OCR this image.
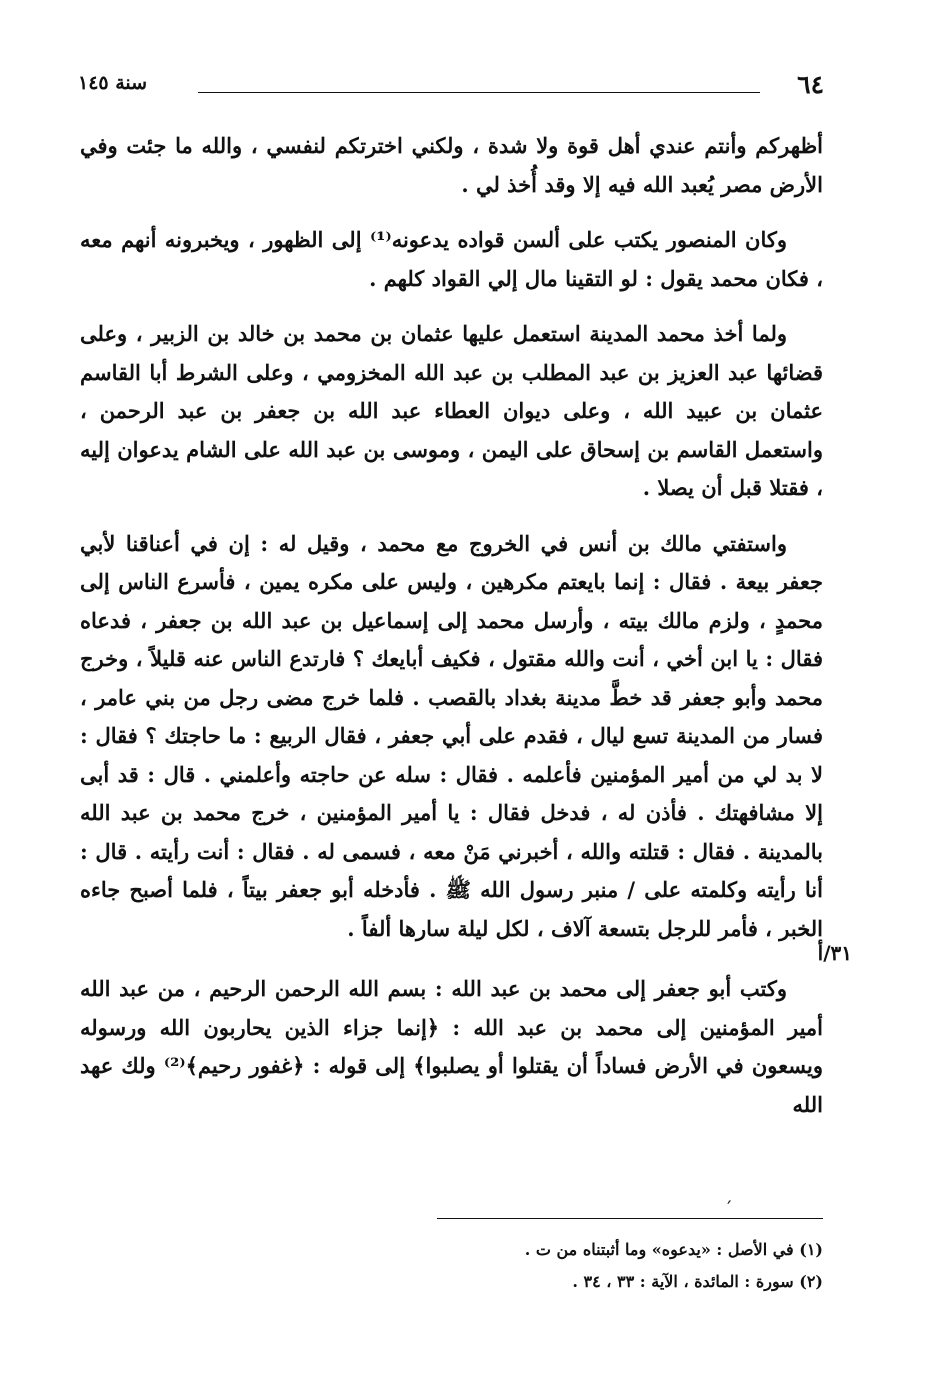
٦٤
سنة ١٤٥

أظهركم وأنتم عندي أهل قوة ولا شدة ، ولكني اخترتكم لنفسي ، والله ما جئت وفي الأرض مصر يُعبد الله فيه إلا وقد أُخذ لي .

وكان المنصور يكتب على ألسن قواده يدعونه⁽¹⁾ إلى الظهور ، ويخبرونه أنهم معه ، فكان محمد يقول : لو التقينا مال إلي القواد كلهم .

ولما أخذ محمد المدينة استعمل عليها عثمان بن محمد بن خالد بن الزبير ، وعلى قضائها عبد العزيز بن عبد المطلب بن عبد الله المخزومي ، وعلى الشرط أبا القاسم عثمان بن عبيد الله ، وعلى ديوان العطاء عبد الله بن جعفر بن عبد الرحمن ، واستعمل القاسم بن إسحاق على اليمن ، وموسى بن عبد الله على الشام يدعوان إليه ، فقتلا قبل أن يصلا .

واستفتي مالك بن أنس في الخروج مع محمد ، وقيل له : إن في أعناقنا لأبي جعفر بيعة . فقال : إنما بايعتم مكرهين ، وليس على مكره يمين ، فأسرع الناس إلى محمدٍ ، ولزم مالك بيته ، وأرسل محمد إلى إسماعيل بن عبد الله بن جعفر ، فدعاه فقال : يا ابن أخي ، أنت والله مقتول ، فكيف أبايعك ؟ فارتدع الناس عنه قليلاً ، وخرج محمد وأبو جعفر قد خطَّ مدينة بغداد بالقصب . فلما خرج مضى رجل من بني عامر ، فسار من المدينة تسع ليال ، فقدم على أبي جعفر ، فقال الربيع : ما حاجتك ؟ فقال : لا بد لي من أمير المؤمنين فأعلمه . فقال : سله عن حاجته وأعلمني . قال : قد أبى إلا مشافهتك . فأذن له ، فدخل فقال : يا أمير المؤمنين ، خرج محمد بن عبد الله بالمدينة . فقال : قتلته والله ، أخبرني مَنْ معه ، فسمى له . فقال : أنت رأيته . قال : أنا رأيته وكلمته على / منبر رسول الله ﷺ . فأدخله أبو جعفر بيتاً ، فلما أصبح جاءه الخبر ، فأمر للرجل بتسعة آلاف ، لكل ليلة سارها ألفاً .

وكتب أبو جعفر إلى محمد بن عبد الله : بسم الله الرحمن الرحيم ، من عبد الله أمير المؤمنين إلى محمد بن عبد الله : ﴿إنما جزاء الذين يحاربون الله ورسوله ويسعون في الأرض فساداً أن يقتلوا أو يصلبوا﴾ إلى قوله : ﴿غفور رحيم﴾⁽²⁾ ولك عهد الله

٣١/أ
′
(١) في الأصل : «يدعوه» وما أثبتناه من ت .
(٢) سورة : المائدة ، الآية : ٣٣ ، ٣٤ .
